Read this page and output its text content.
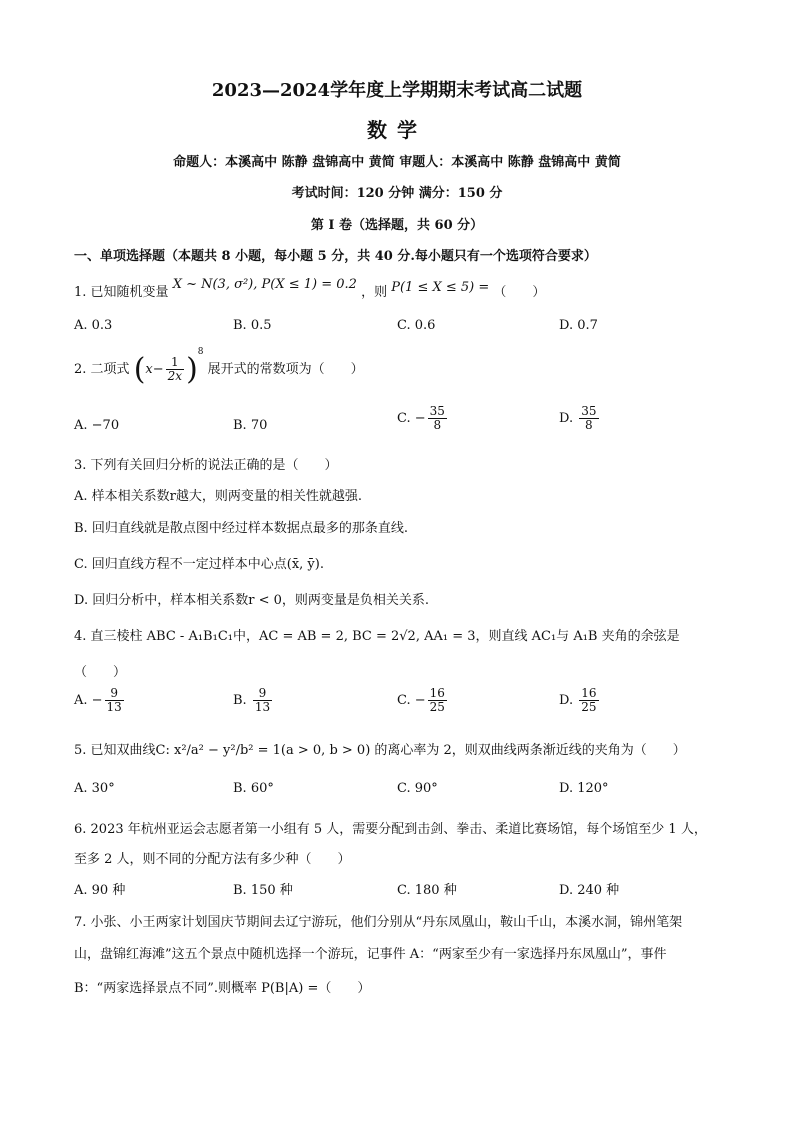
2023—2024学年度上学期期末考试高二试题
数学
命题人：本溪高中 陈静 盘锦高中 黄简 审题人：本溪高中 陈静 盘锦高中 黄简
考试时间：120 分钟 满分：150 分
第 I 卷（选择题，共 60 分）
一、单项选择题（本题共 8 小题，每小题 5 分，共 40 分.每小题只有一个选项符合要求）
1. 已知随机变量 X ~ N(3, σ²), P(X ≤ 1) = 0.2 ，则 P(1 ≤ X ≤ 5) = （　　）
A. 0.3	B. 0.5	C. 0.6	D. 0.7
2. 二项式 $(x- \frac{1}{2x} )^8$ 展开式的常数项为（　　）
A. −70	B. 70	C. − $\frac{35}{8}$	D. $\frac{35}{8}$
3. 下列有关回归分析的说法正确的是（　　）
A. 样本相关系数r越大，则两变量的相关性就越强.
B. 回归直线就是散点图中经过样本数据点最多的那条直线.
C. 回归直线方程不一定过样本中心点(x̄, ȳ).
D. 回归分析中，样本相关系数r < 0，则两变量是负相关关系.
4. 直三棱柱 ABC - A₁B₁C₁中，AC = AB = 2, BC = 2√2, AA₁ = 3，则直线 AC₁与 A₁B 夹角的余弦是
（　　）
A. − $\frac{9}{13}$	B. $\frac{9}{13}$	C. − $\frac{16}{25}$	D. $\frac{16}{25}$
5. 已知双曲线C: x²/a² − y²/b² = 1(a > 0, b > 0) 的离心率为 2，则双曲线两条渐近线的夹角为（　　）
A. 30°	B. 60°	C. 90°	D. 120°
6. 2023 年杭州亚运会志愿者第一小组有 5 人，需要分配到击剑、拳击、柔道比赛场馆，每个场馆至少 1 人，
至多 2 人，则不同的分配方法有多少种（　　）
A. 90 种	B. 150 种	C. 180 种	D. 240 种
7. 小张、小王两家计划国庆节期间去辽宁游玩，他们分别从“丹东凤凰山，鞍山千山，本溪水洞，锦州笔架
山，盘锦红海滩”这五个景点中随机选择一个游玩，记事件 A：“两家至少有一家选择丹东凤凰山”，事件
B：“两家选择景点不同”.则概率 P(B|A) =（　　）
